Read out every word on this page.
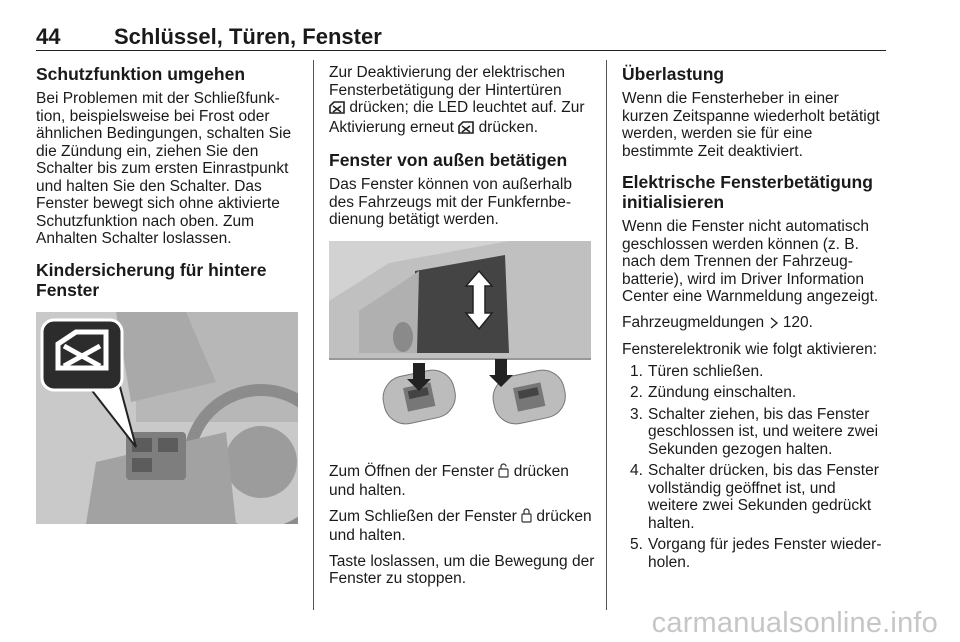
44 Schlüssel, Türen, Fenster
Schutzfunktion umgehen

Bei Problemen mit der Schließfunktion, beispielsweise bei Frost oder ähnlichen Bedingungen, schalten Sie die Zündung ein, ziehen Sie den Schalter bis zum ersten Einrastpunkt und halten Sie den Schalter. Das Fenster bewegt sich ohne aktivierte Schutzfunktion nach oben. Zum Anhalten Schalter loslassen.

Kindersicherung für hintere Fenster

Zur Deaktivierung der elektrischen Fensterbetätigung der Hintertüren
drücken; die LED leuchtet auf. Zur Aktivierung erneut drücken.

Fenster von außen betätigen

Das Fenster können von außerhalb des Fahrzeugs mit der Funkfernbedienung betätigt werden.

Zum Öffnen der Fenster drücken und halten.

Zum Schließen der Fenster drücken und halten.

Taste loslassen, um die Bewegung der Fenster zu stoppen.

Überlastung

Wenn die Fensterheber in einer kurzen Zeitspanne wiederholt betätigt werden, werden sie für eine bestimmte Zeit deaktiviert.

Elektrische Fensterbetätigung initialisieren

Wenn die Fenster nicht automatisch geschlossen werden können (z. B. nach dem Trennen der Fahrzeugbatterie), wird im Driver Information Center eine Warnmeldung angezeigt.

Fahrzeugmeldungen 120.

Fensterelektronik wie folgt aktivieren:

1. Türen schließen.
2. Zündung einschalten.
3. Schalter ziehen, bis das Fenster geschlossen ist, und weitere zwei Sekunden gezogen halten.
4. Schalter drücken, bis das Fenster vollständig geöffnet ist, und weitere zwei Sekunden gedrückt halten.
5. Vorgang für jedes Fenster wiederholen.
carmanualsonline.info
